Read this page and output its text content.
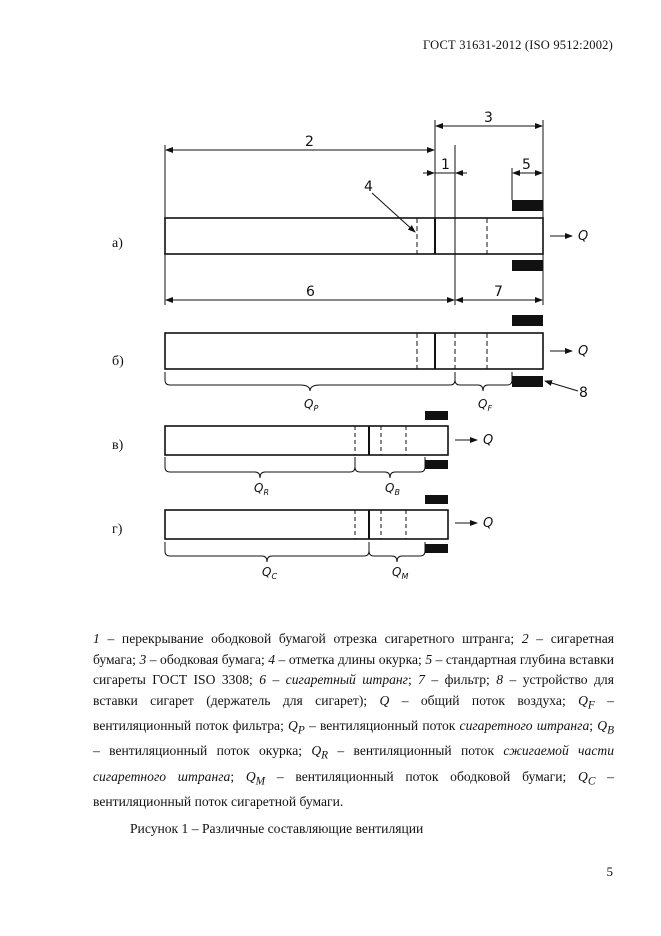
ГОСТ 31631-2012 (ISO 9512:2002)
а)
б)
в)
г)
2
3
1	5
4
6	7
8
Q
Q
Q
Q
$Q_P$	$Q_F$
$Q_R$	$Q_B$
$Q_C$	$Q_M$
1 – перекрывание ободковой бумагой отрезка сигаретного штранга; 2 – сигаретная бумага; 3 – ободковая бумага; 4 – отметка длины окурка; 5 – стандартная глубина вставки сигареты ГОСТ ISO 3308; 6 – сигаретный штранг; 7 – фильтр; 8 – устройство для вставки сигарет (держатель для сигарет); Q – общий поток воздуха; $Q_F$ – вентиляционный поток фильтра; $Q_P$ – вентиляционный поток сигаретного штранга; $Q_B$ – вентиляционный поток окурка; $Q_R$ – вентиляционный поток сжигаемой части сигаретного штранга; $Q_M$ – вентиляционный поток ободковой бумаги; $Q_C$ – вентиляционный поток сигаретной бумаги.
Рисунок 1 – Различные составляющие вентиляции
5
